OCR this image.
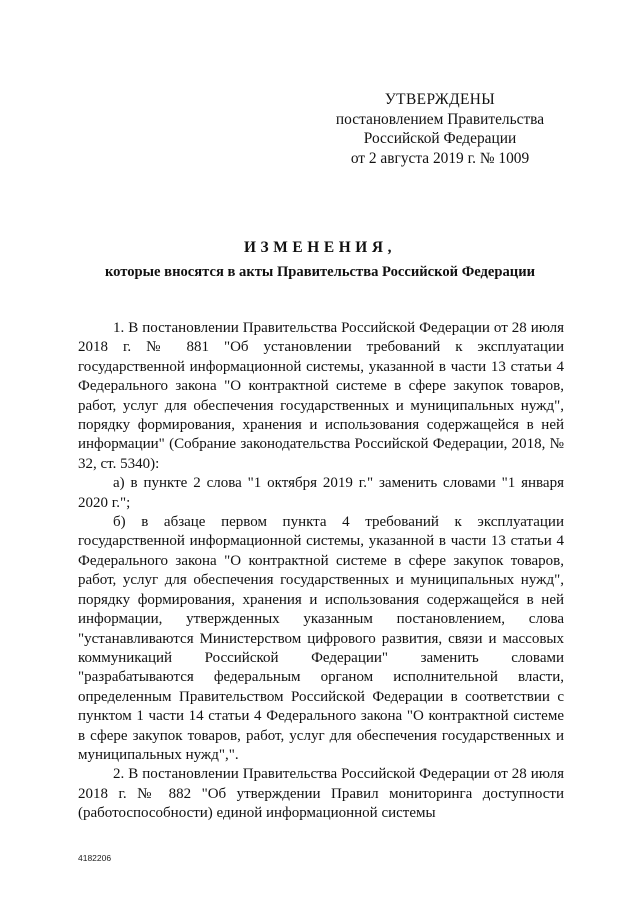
УТВЕРЖДЕНЫ
постановлением Правительства
Российской Федерации
от 2 августа 2019 г. № 1009
ИЗМЕНЕНИЯ,
которые вносятся в акты Правительства Российской Федерации

1. В постановлении Правительства Российской Федерации от 28 июля 2018 г. № 881 "Об установлении требований к эксплуатации государственной информационной системы, указанной в части 13 статьи 4 Федерального закона "О контрактной системе в сфере закупок товаров, работ, услуг для обеспечения государственных и муниципальных нужд", порядку формирования, хранения и использования содержащейся в ней информации" (Собрание законодательства Российской Федерации, 2018, № 32, ст. 5340):

а) в пункте 2 слова "1 октября 2019 г." заменить словами "1 января 2020 г.";

б) в абзаце первом пункта 4 требований к эксплуатации государственной информационной системы, указанной в части 13 статьи 4 Федерального закона "О контрактной системе в сфере закупок товаров, работ, услуг для обеспечения государственных и муниципальных нужд", порядку формирования, хранения и использования содержащейся в ней информации, утвержденных указанным постановлением, слова "устанавливаются Министерством цифрового развития, связи и массовых коммуникаций Российской Федерации" заменить словами "разрабатываются федеральным органом исполнительной власти, определенным Правительством Российской Федерации в соответствии с пунктом 1 части 14 статьи 4 Федерального закона "О контрактной системе в сфере закупок товаров, работ, услуг для обеспечения государственных и муниципальных нужд",".

2. В постановлении Правительства Российской Федерации от 28 июля 2018 г. № 882 "Об утверждении Правил мониторинга доступности (работоспособности) единой информационной системы

4182206
